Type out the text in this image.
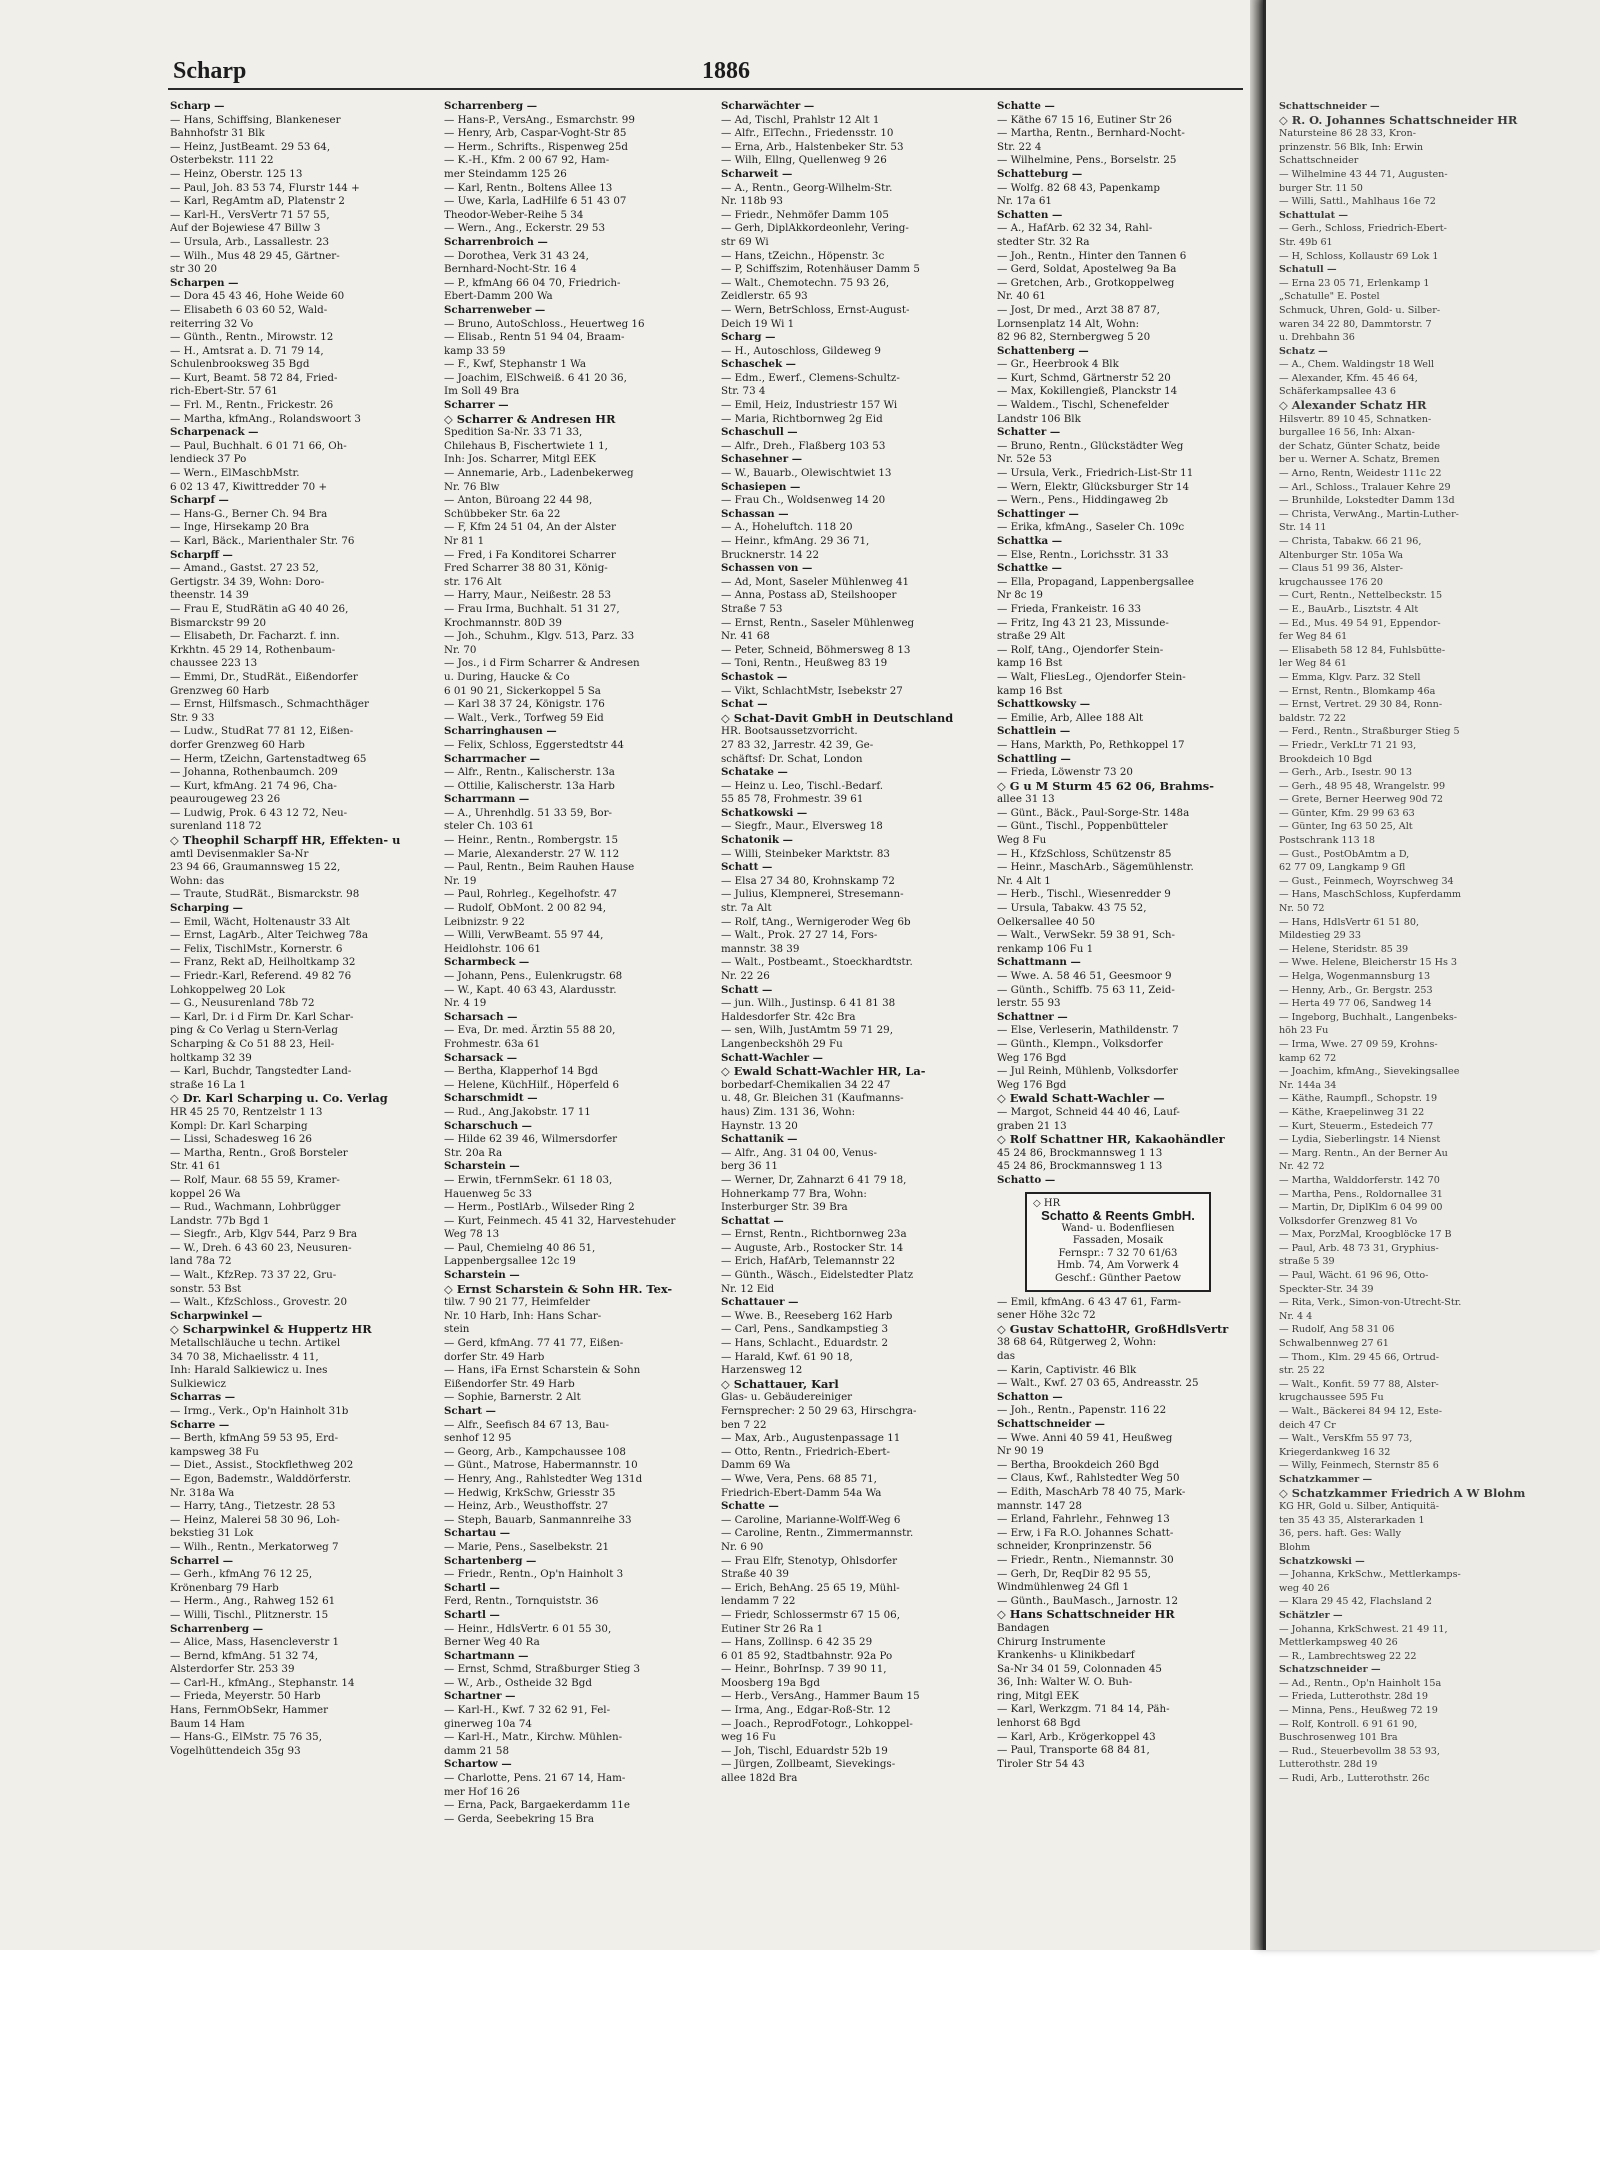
Scharp	1886
Scharp —
— Hans, Schiffsing, Blankeneser
Bahnhofstr 31 Blk
— Heinz, JustBeamt. 29 53 64,
Osterbekstr. 111 22
— Heinz, Oberstr. 125 13
— Paul, Joh. 83 53 74, Flurstr 144 +
— Karl, RegAmtm aD, Platenstr 2
— Karl-H., VersVertr 71 57 55,
Auf der Bojewiese 47 Billw 3
— Ursula, Arb., Lassallestr. 23
— Wilh., Mus 48 29 45, Gärtner-
str 30 20
Scharpen —
— Dora 45 43 46, Hohe Weide 60
— Elisabeth 6 03 60 52, Wald-
reiterring 32 Vo
— Günth., Rentn., Mirowstr. 12
— H., Amtsrat a. D. 71 79 14,
Schulenbrooksweg 35 Bgd
— Kurt, Beamt. 58 72 84, Fried-
rich-Ebert-Str. 57 61
— Frl. M., Rentn., Frickestr. 26
— Martha, kfmAng., Rolandswoort 3
Scharpenack —
— Paul, Buchhalt. 6 01 71 66, Oh-
lendieck 37 Po
— Wern., ElMaschbMstr.
6 02 13 47, Kiwittredder 70 +
Scharpf —
— Hans-G., Berner Ch. 94 Bra
— Inge, Hirsekamp 20 Bra
— Karl, Bäck., Marienthaler Str. 76
Scharpff —
— Amand., Gastst. 27 23 52,
Gertigstr. 34 39, Wohn: Doro-
theenstr. 14 39
— Frau E, StudRätin aG 40 40 26,
Bismarckstr 99 20
— Elisabeth, Dr. Facharzt. f. inn.
Krkhtn. 45 29 14, Rothenbaum-
chaussee 223 13
— Emmi, Dr., StudRät., Eißendorfer
Grenzweg 60 Harb
— Ernst, Hilfsmasch., Schmachthäger
Str. 9 33
— Ludw., StudRat 77 81 12, Eißen-
dorfer Grenzweg 60 Harb
— Herm, tZeichn, Gartenstadtweg 65
— Johanna, Rothenbaumch. 209
— Kurt, kfmAng. 21 74 96, Cha-
peaurougeweg 23 26
— Ludwig, Prok. 6 43 12 72, Neu-
surenland 118 72
◇ Theophil Scharpff HR, Effekten- u
amtl Devisenmakler Sa-Nr
23 94 66, Graumannsweg 15 22,
Wohn: das
— Traute, StudRät., Bismarckstr. 98
Scharping —
— Emil, Wächt, Holtenaustr 33 Alt
— Ernst, LagArb., Alter Teichweg 78a
— Felix, TischlMstr., Kornerstr. 6
— Franz, Rekt aD, Heilholtkamp 32
— Friedr.-Karl, Referend. 49 82 76
Lohkoppelweg 20 Lok
— G., Neusurenland 78b 72
— Karl, Dr. i d Firm Dr. Karl Schar-
ping & Co Verlag u Stern-Verlag
Scharping & Co 51 88 23, Heil-
holtkamp 32 39
— Karl, Buchdr, Tangstedter Land-
straße 16 La 1
◇ Dr. Karl Scharping u. Co. Verlag
HR 45 25 70, Rentzelstr 1 13
Kompl: Dr. Karl Scharping
— Lissi, Schadesweg 16 26
— Martha, Rentn., Groß Borsteler
Str. 41 61
— Rolf, Maur. 68 55 59, Kramer-
koppel 26 Wa
— Rud., Wachmann, Lohbrügger
Landstr. 77b Bgd 1
— Siegfr., Arb, Klgv 544, Parz 9 Bra
— W., Dreh. 6 43 60 23, Neusuren-
land 78a 72
— Walt., KfzRep. 73 37 22, Gru-
sonstr. 53 Bst
— Walt., KfzSchloss., Grovestr. 20
Scharpwinkel —
◇ Scharpwinkel & Huppertz HR
Metallschläuche u techn. Artikel
34 70 38, Michaelisstr. 4 11,
Inh: Harald Salkiewicz u. Ines
Sulkiewicz
Scharras —
— Irmg., Verk., Op'n Hainholt 31b
Scharre —
— Berth, kfmAng 59 53 95, Erd-
kampsweg 38 Fu
— Diet., Assist., Stockflethweg 202
— Egon, Bademstr., Walddörferstr.
Nr. 318a Wa
— Harry, tAng., Tietzestr. 28 53
— Heinz, Malerei 58 30 96, Loh-
bekstieg 31 Lok
— Wilh., Rentn., Merkatorweg 7
Scharrel —
— Gerh., kfmAng 76 12 25,
Krönenbarg 79 Harb
— Herm., Ang., Rahweg 152 61
— Willi, Tischl., Plitznerstr. 15
Scharrenberg —
— Alice, Mass, Hasencleverstr 1
— Bernd, kfmAng. 51 32 74,
Alsterdorfer Str. 253 39
— Carl-H., kfmAng., Stephanstr. 14
— Frieda, Meyerstr. 50 Harb
Hans, FernmObSekr, Hammer
Baum 14 Ham
— Hans-G., ElMstr. 75 76 35,
Vogelhüttendeich 35g 93
Scharrenberg —
— Hans-P., VersAng., Esmarchstr. 99
— Henry, Arb, Caspar-Voght-Str 85
— Herm., Schrifts., Rispenweg 25d
— K.-H., Kfm. 2 00 67 92, Ham-
mer Steindamm 125 26
— Karl, Rentn., Boltens Allee 13
— Uwe, Karla, LadHilfe 6 51 43 07
Theodor-Weber-Reihe 5 34
— Wern., Ang., Eckerstr. 29 53
Scharrenbroich —
— Dorothea, Verk 31 43 24,
Bernhard-Nocht-Str. 16 4
— P., kfmAng 66 04 70, Friedrich-
Ebert-Damm 200 Wa
Scharrenweber —
— Bruno, AutoSchloss., Heuertweg 16
— Elisab., Rentn 51 94 04, Braam-
kamp 33 59
— F., Kwf, Stephanstr 1 Wa
— Joachim, ElSchweiß. 6 41 20 36,
Im Soll 49 Bra
Scharrer —
◇ Scharrer & Andresen HR
Spedition Sa-Nr. 33 71 33,
Chilehaus B, Fischertwiete 1 1,
Inh: Jos. Scharrer, Mitgl EEK
— Annemarie, Arb., Ladenbekerweg
Nr. 76 Blw
— Anton, Büroang 22 44 98,
Schübbeker Str. 6a 22
— F, Kfm 24 51 04, An der Alster
Nr 81 1
— Fred, i Fa Konditorei Scharrer
Fred Scharrer 38 80 31, König-
str. 176 Alt
— Harry, Maur., Neißestr. 28 53
— Frau Irma, Buchhalt. 51 31 27,
Krochmannstr. 80D 39
— Joh., Schuhm., Klgv. 513, Parz. 33
Nr. 70
— Jos., i d Firm Scharrer & Andresen
u. During, Haucke & Co
6 01 90 21, Sickerkoppel 5 Sa
— Karl 38 37 24, Königstr. 176
— Walt., Verk., Torfweg 59 Eid
Scharringhausen —
— Felix, Schloss, Eggerstedtstr 44
Scharrmacher —
— Alfr., Rentn., Kalischerstr. 13a
— Ottilie, Kalischerstr. 13a Harb
Scharrmann —
— A., Uhrenhdlg. 51 33 59, Bor-
steler Ch. 103 61
— Heinr., Rentn., Rombergstr. 15
— Marie, Alexanderstr. 27 W. 112
— Paul, Rentn., Beim Rauhen Hause
Nr. 19
— Paul, Rohrleg., Kegelhofstr. 47
— Rudolf, ObMont. 2 00 82 94,
Leibnizstr. 9 22
— Willi, VerwBeamt. 55 97 44,
Heidlohstr. 106 61
Scharmbeck —
— Johann, Pens., Eulenkrugstr. 68
— W., Kapt. 40 63 43, Alardusstr.
Nr. 4 19
Scharsach —
— Eva, Dr. med. Ärztin 55 88 20,
Frohmestr. 63a 61
Scharsack —
— Bertha, Klapperhof 14 Bgd
— Helene, KüchHilf., Höperfeld 6
Scharschmidt —
— Rud., Ang.Jakobstr. 17 11
Scharschuch —
— Hilde 62 39 46, Wilmersdorfer
Str. 20a Ra
Scharstein —
— Erwin, tFernmSekr. 61 18 03,
Hauenweg 5c 33
— Herm., PostlArb., Wilseder Ring 2
— Kurt, Feinmech. 45 41 32, Harvestehuder
Weg 78 13
— Paul, Chemielng 40 86 51,
Lappenbergsallee 12c 19
Scharstein —
◇ Ernst Scharstein & Sohn HR. Tex-
tilw. 7 90 21 77, Heimfelder
Nr. 10 Harb, Inh: Hans Schar-
stein
— Gerd, kfmAng. 77 41 77, Eißen-
dorfer Str. 49 Harb
— Hans, iFa Ernst Scharstein & Sohn
Eißendorfer Str. 49 Harb
— Sophie, Barnerstr. 2 Alt
Schart —
— Alfr., Seefisch 84 67 13, Bau-
senhof 12 95
— Georg, Arb., Kampchaussee 108
— Günt., Matrose, Habermannstr. 10
— Henry, Ang., Rahlstedter Weg 131d
— Hedwig, KrkSchw, Griesstr 35
— Heinz, Arb., Weusthoffstr. 27
— Steph, Bauarb, Sanmannreihe 33
Schartau —
— Marie, Pens., Saselbekstr. 21
Schartenberg —
— Friedr., Rentn., Op'n Hainholt 3
Schartl —
Ferd, Rentn., Tornquiststr. 36
Schartl —
— Heinr., HdlsVertr. 6 01 55 30,
Berner Weg 40 Ra
Schartmann —
— Ernst, Schmd, Straßburger Stieg 3
— W., Arb., Ostheide 32 Bgd
Schartner —
— Karl-H., Kwf. 7 32 62 91, Fel-
ginerweg 10a 74
— Karl-H., Matr., Kirchw. Mühlen-
damm 21 58
Schartow —
— Charlotte, Pens. 21 67 14, Ham-
mer Hof 16 26
— Erna, Pack, Bargaekerdamm 11e
— Gerda, Seebekring 15 Bra
Scharwächter —
— Ad, Tischl, Prahlstr 12 Alt 1
— Alfr., ElTechn., Friedensstr. 10
— Erna, Arb., Halstenbeker Str. 53
— Wilh, Ellng, Quellenweg 9 26
Scharweit —
— A., Rentn., Georg-Wilhelm-Str.
Nr. 118b 93
— Friedr., Nehmöfer Damm 105
— Gerh, DiplAkkordeonlehr, Vering-
str 69 Wi
— Hans, tZeichn., Höpenstr. 3c
— P, Schiffszim, Rotenhäuser Damm 5
— Walt., Chemotechn. 75 93 26,
Zeidlerstr. 65 93
— Wern, BetrSchloss, Ernst-August-
Deich 19 Wi 1
Scharg —
— H., Autoschloss, Gildeweg 9
Schaschek —
— Edm., Ewerf., Clemens-Schultz-
Str. 73 4
— Emil, Heiz, Industriestr 157 Wi
— Maria, Richtbornweg 2g Eid
Schaschull —
— Alfr., Dreh., Flaßberg 103 53
Schasehner —
— W., Bauarb., Olewischtwiet 13
Schasiepen —
— Frau Ch., Woldsenweg 14 20
Schassan —
— A., Hoheluftch. 118 20
— Heinr., kfmAng. 29 36 71,
Brucknerstr. 14 22
Schassen von —
— Ad, Mont, Saseler Mühlenweg 41
— Anna, Postass aD, Steilshooper
Straße 7 53
— Ernst, Rentn., Saseler Mühlenweg
Nr. 41 68
— Peter, Schneid, Böhmersweg 8 13
— Toni, Rentn., Heußweg 83 19
Schastok —
— Vikt, SchlachtMstr, Isebekstr 27
Schat —
◇ Schat-Davit GmbH in Deutschland
HR. Bootsaussetzvorricht.
27 83 32, Jarrestr. 42 39, Ge-
schäftsf: Dr. Schat, London
Schatake —
— Heinz u. Leo, Tischl.-Bedarf.
55 85 78, Frohmestr. 39 61
Schatkowski —
— Siegfr., Maur., Elversweg 18
Schatonik —
— Willi, Steinbeker Marktstr. 83
Schatt —
— Elsa 27 34 80, Krohnskamp 72
— Julius, Klempnerei, Stresemann-
str. 7a Alt
— Rolf, tAng., Wernigeroder Weg 6b
— Walt., Prok. 27 27 14, Fors-
mannstr. 38 39
— Walt., Postbeamt., Stoeckhardtstr.
Nr. 22 26
Schatt —
— jun. Wilh., Justinsp. 6 41 81 38
Haldesdorfer Str. 42c Bra
— sen, Wilh, JustAmtm 59 71 29,
Langenbeckshöh 29 Fu
Schatt-Wachler —
◇ Ewald Schatt-Wachler HR, La-
borbedarf-Chemikalien 34 22 47
u. 48, Gr. Bleichen 31 (Kaufmanns-
haus) Zim. 131 36, Wohn:
Haynstr. 13 20
Schattanik —
— Alfr., Ang. 31 04 00, Venus-
berg 36 11
— Werner, Dr, Zahnarzt 6 41 79 18,
Hohnerkamp 77 Bra, Wohn:
Insterburger Str. 39 Bra
Schattat —
— Ernst, Rentn., Richtbornweg 23a
— Auguste, Arb., Rostocker Str. 14
— Erich, HafArb, Telemannstr 22
— Günth., Wäsch., Eidelstedter Platz
Nr. 12 Eid
Schattauer —
— Wwe. B., Reeseberg 162 Harb
— Carl, Pens., Sandkampstieg 3
— Hans, Schlacht., Eduardstr. 2
— Harald, Kwf. 61 90 18,
Harzensweg 12
◇ Schattauer, Karl
Glas- u. Gebäudereiniger
Fernsprecher: 2 50 29 63, Hirschgra-
ben 7 22
— Max, Arb., Augustenpassage 11
— Otto, Rentn., Friedrich-Ebert-
Damm 69 Wa
— Wwe, Vera, Pens. 68 85 71,
Friedrich-Ebert-Damm 54a Wa
Schatte —
— Caroline, Marianne-Wolff-Weg 6
— Caroline, Rentn., Zimmermannstr.
Nr. 6 90
— Frau Elfr, Stenotyp, Ohlsdorfer
Straße 40 39
— Erich, BehAng. 25 65 19, Mühl-
lendamm 7 22
— Friedr, Schlossermstr 67 15 06,
Eutiner Str 26 Ra 1
— Hans, Zollinsp. 6 42 35 29
6 01 85 92, Stadtbahnstr. 92a Po
— Heinr., BohrInsp. 7 39 90 11,
Moosberg 19a Bgd
— Herb., VersAng., Hammer Baum 15
— Irma, Ang., Edgar-Roß-Str. 12
— Joach., ReprodFotogr., Lohkoppel-
weg 16 Fu
— Joh, Tischl, Eduardstr 52b 19
— Jürgen, Zollbeamt, Sievekings-
allee 182d Bra
Schatte —
— Käthe 67 15 16, Eutiner Str 26
— Martha, Rentn., Bernhard-Nocht-
Str. 22 4
— Wilhelmine, Pens., Borselstr. 25
Schatteburg —
— Wolfg. 82 68 43, Papenkamp
Nr. 17a 61
Schatten —
— A., HafArb. 62 32 34, Rahl-
stedter Str. 32 Ra
— Joh., Rentn., Hinter den Tannen 6
— Gerd, Soldat, Apostelweg 9a Ba
— Gretchen, Arb., Grotkoppelweg
Nr. 40 61
— Jost, Dr med., Arzt 38 87 87,
Lornsenplatz 14 Alt, Wohn:
82 96 82, Sternbergweg 5 20
Schattenberg —
— Gr., Heerbrook 4 Blk
— Kurt, Schmd, Gärtnerstr 52 20
— Max, Kokillengieß, Planckstr 14
— Waldem., Tischl, Schenefelder
Landstr 106 Blk
Schatter —
— Bruno, Rentn., Glückstädter Weg
Nr. 52e 53
— Ursula, Verk., Friedrich-List-Str 11
— Wern, Elektr, Glücksburger Str 14
— Wern., Pens., Hiddingaweg 2b
Schattinger —
— Erika, kfmAng., Saseler Ch. 109c
Schattka —
— Else, Rentn., Lorichsstr. 31 33
Schattke —
— Ella, Propagand, Lappenbergsallee
Nr 8c 19
— Frieda, Frankeistr. 16 33
— Fritz, Ing 43 21 23, Missunde-
straße 29 Alt
— Rolf, tAng., Ojendorfer Stein-
kamp 16 Bst
— Walt, FliesLeg., Ojendorfer Stein-
kamp 16 Bst
Schattkowsky —
— Emilie, Arb, Allee 188 Alt
Schattlein —
— Hans, Markth, Po, Rethkoppel 17
Schattling —
— Frieda, Löwenstr 73 20
◇ G u M Sturm 45 62 06, Brahms-
allee 31 13
— Günt., Bäck., Paul-Sorge-Str. 148a
— Günt., Tischl., Poppenbütteler
Weg 8 Fu
— H., KfzSchloss, Schützenstr 85
— Heinr., MaschArb., Sägemühlenstr.
Nr. 4 Alt 1
— Herb., Tischl., Wiesenredder 9
— Ursula, Tabakw. 43 75 52,
Oelkersallee 40 50
— Walt., VerwSekr. 59 38 91, Sch-
renkamp 106 Fu 1
Schattmann —
— Wwe. A. 58 46 51, Geesmoor 9
— Günth., Schiffb. 75 63 11, Zeid-
lerstr. 55 93
Schattner —
— Else, Verleserin, Mathildenstr. 7
— Günth., Klempn., Volksdorfer
Weg 176 Bgd
— Jul Reinh, Mühlenb, Volksdorfer
Weg 176 Bgd
◇ Ewald Schatt-Wachler —
— Margot, Schneid 44 40 46, Lauf-
graben 21 13
◇ Rolf Schattner HR, Kakaohändler
45 24 86, Brockmannsweg 1 13
45 24 86, Brockmannsweg 1 13
Schatto —
◇ HR
Schatto & Reents GmbH.
Wand- u. Bodenfliesen
Fassaden, Mosaik
Fernspr.: 7 32 70 61/63
Hmb. 74, Am Vorwerk 4
Geschf.: Günther Paetow
— Emil, kfmAng. 6 43 47 61, Farm-
sener Höhe 32c 72
◇ Gustav SchattoHR, GroßHdlsVertr
38 68 64, Rütgerweg 2, Wohn:
das
— Karin, Captivistr. 46 Blk
— Walt., Kwf. 27 03 65, Andreasstr. 25
Schatton —
— Joh., Rentn., Papenstr. 116 22
Schattschneider —
— Wwe. Anni 40 59 41, Heußweg
Nr 90 19
— Bertha, Brookdeich 260 Bgd
— Claus, Kwf., Rahlstedter Weg 50
— Edith, MaschArb 78 40 75, Mark-
mannstr. 147 28
— Erland, Fahrlehr., Fehnweg 13
— Erw, i Fa R.O. Johannes Schatt-
schneider, Kronprinzenstr. 56
— Friedr., Rentn., Niemannstr. 30
— Gerh, Dr, ReqDir 82 95 55,
Windmühlenweg 24 Gfl 1
— Günth., BauMasch., Jarnostr. 12
◇ Hans Schattschneider HR
Bandagen
Chirurg Instrumente
Krankenhs- u Klinikbedarf
Sa-Nr 34 01 59, Colonnaden 45
36, Inh: Walter W. O. Buh-
ring, Mitgl EEK
— Karl, Werkzgm. 71 84 14, Päh-
lenhorst 68 Bgd
— Karl, Arb., Krögerkoppel 43
— Paul, Transporte 68 84 81,
Tiroler Str 54 43
Schattschneider —
◇ R. O. Johannes Schattschneider HR
Natursteine 86 28 33, Kron-
prinzenstr. 56 Blk, Inh: Erwin
Schattschneider
— Wilhelmine 43 44 71, Augusten-
burger Str. 11 50
— Willi, Sattl., Mahlhaus 16e 72
Schattulat —
— Gerh., Schloss, Friedrich-Ebert-
Str. 49b 61
— H, Schloss, Kollaustr 69 Lok 1
Schatull —
— Erna 23 05 71, Erlenkamp 1
„Schatulle" E. Postel
Schmuck, Uhren, Gold- u. Silber-
waren 34 22 80, Dammtorstr. 7
u. Drehbahn 36
Schatz —
— A., Chem. Waldingstr 18 Well
— Alexander, Kfm. 45 46 64,
Schäferkampsallee 43 6
◇ Alexander Schatz HR
Hilsvertr. 89 10 45, Schnatken-
burgallee 16 56, Inh: Alxan-
der Schatz, Günter Schatz, beide
ber u. Werner A. Schatz, Bremen
— Arno, Rentn, Weidestr 111c 22
— Arl., Schloss., Tralauer Kehre 29
— Brunhilde, Lokstedter Damm 13d
— Christa, VerwAng., Martin-Luther-
Str. 14 11
— Christa, Tabakw. 66 21 96,
Altenburger Str. 105a Wa
— Claus 51 99 36, Alster-
krugchaussee 176 20
— Curt, Rentn., Nettelbeckstr. 15
— E., BauArb., Lisztstr. 4 Alt
— Ed., Mus. 49 54 91, Eppendor-
fer Weg 84 61
— Elisabeth 58 12 84, Fuhlsbütte-
ler Weg 84 61
— Emma, Klgv. Parz. 32 Stell
— Ernst, Rentn., Blomkamp 46a
— Ernst, Vertret. 29 30 84, Ronn-
baldstr. 72 22
— Ferd., Rentn., Straßburger Stieg 5
— Friedr., VerkLtr 71 21 93,
Brookdeich 10 Bgd
— Gerh., Arb., Isestr. 90 13
— Gerh., 48 95 48, Wrangelstr. 99
— Grete, Berner Heerweg 90d 72
— Günter, Kfm. 29 99 63 63
— Günter, Ing 63 50 25, Alt
Postschrank 113 18
— Gust., PostObAmtm a D,
62 77 09, Langkamp 9 Gfl
— Gust., Feinmech, Woyrschweg 34
— Hans, MaschSchloss, Kupferdamm
Nr. 50 72
— Hans, HdlsVertr 61 51 80,
Mildestieg 29 33
— Helene, Steridstr. 85 39
— Wwe. Helene, Bleicherstr 15 Hs 3
— Helga, Wogenmannsburg 13
— Henny, Arb., Gr. Bergstr. 253
— Herta 49 77 06, Sandweg 14
— Ingeborg, Buchhalt., Langenbeks-
höh 23 Fu
— Irma, Wwe. 27 09 59, Krohns-
kamp 62 72
— Joachim, kfmAng., Sievekingsallee
Nr. 144a 34
— Käthe, Raumpfl., Schopstr. 19
— Käthe, Kraepelinweg 31 22
— Kurt, Steuerm., Estedeich 77
— Lydia, Sieberlingstr. 14 Nienst
— Marg. Rentn., An der Berner Au
Nr. 42 72
— Martha, Walddorferstr. 142 70
— Martha, Pens., Roldornallee 31
— Martin, Dr, DiplKlm 6 04 99 00
Volksdorfer Grenzweg 81 Vo
— Max, PorzMal, Kroogblöcke 17 B
— Paul, Arb. 48 73 31, Gryphius-
straße 5 39
— Paul, Wächt. 61 96 96, Otto-
Speckter-Str. 34 39
— Rita, Verk., Simon-von-Utrecht-Str.
Nr. 4 4
— Rudolf, Ang 58 31 06
Schwalbennweg 27 61
— Thom., Klm. 29 45 66, Ortrud-
str. 25 22
— Walt., Konfit. 59 77 88, Alster-
krugchaussee 595 Fu
— Walt., Bäckerei 84 94 12, Este-
deich 47 Cr
— Walt., VersKfm 55 97 73,
Kriegerdankweg 16 32
— Willy, Feinmech, Sternstr 85 6
Schatzkammer —
◇ Schatzkammer Friedrich A W Blohm
KG HR, Gold u. Silber, Antiquitä-
ten 35 43 35, Alsterarkaden 1
36, pers. haft. Ges: Wally
Blohm
Schatzkowski —
— Johanna, KrkSchw., Mettlerkamps-
weg 40 26
— Klara 29 45 42, Flachsland 2
Schätzler —
— Johanna, KrkSchwest. 21 49 11,
Mettlerkampsweg 40 26
— R., Lambrechtsweg 22 22
Schatzschneider —
— Ad., Rentn., Op'n Hainholt 15a
— Frieda, Lutterothstr. 28d 19
— Minna, Pens., Heußweg 72 19
— Rolf, Kontroll. 6 91 61 90,
Buschrosenweg 101 Bra
— Rud., Steuerbevollm 38 53 93,
Lutterothstr. 28d 19
— Rudi, Arb., Lutterothstr. 26c
